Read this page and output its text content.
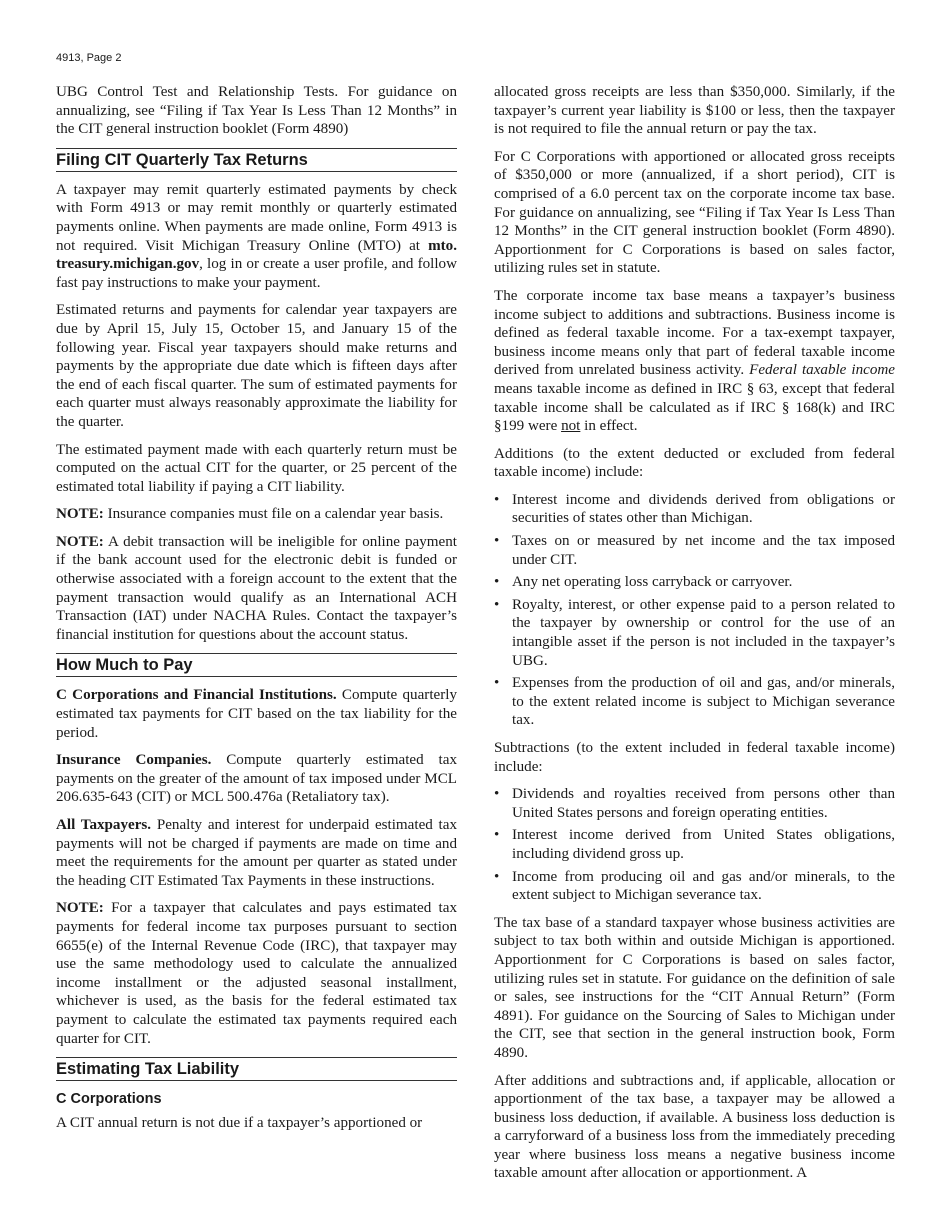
4913, Page 2

UBG Control Test and Relationship Tests. For guidance on annualizing, see “Filing if Tax Year Is Less Than 12 Months” in the CIT general instruction booklet (Form 4890)

Filing CIT Quarterly Tax Returns

A taxpayer may remit quarterly estimated payments by check with Form 4913 or may remit monthly or quarterly estimated payments online. When payments are made online, Form 4913 is not required. Visit Michigan Treasury Online (MTO) at mto. treasury.michigan.gov, log in or create a user profile, and follow fast pay instructions to make your payment.

Estimated returns and payments for calendar year taxpayers are due by April 15, July 15, October 15, and January 15 of the following year. Fiscal year taxpayers should make returns and payments by the appropriate due date which is fifteen days after the end of each fiscal quarter. The sum of estimated payments for each quarter must always reasonably approximate the liability for the quarter.

The estimated payment made with each quarterly return must be computed on the actual CIT for the quarter, or 25 percent of the estimated total liability if paying a CIT liability.

NOTE: Insurance companies must file on a calendar year basis.

NOTE: A debit transaction will be ineligible for online payment if the bank account used for the electronic debit is funded or otherwise associated with a foreign account to the extent that the payment transaction would qualify as an International ACH Transaction (IAT) under NACHA Rules. Contact the taxpayer’s financial institution for questions about the account status.

How Much to Pay

C Corporations and Financial Institutions. Compute quarterly estimated tax payments for CIT based on the tax liability for the period.

Insurance Companies. Compute quarterly estimated tax payments on the greater of the amount of tax imposed under MCL 206.635-643 (CIT) or MCL 500.476a (Retaliatory tax).

All Taxpayers. Penalty and interest for underpaid estimated tax payments will not be charged if payments are made on time and meet the requirements for the amount per quarter as stated under the heading CIT Estimated Tax Payments in these instructions.

NOTE: For a taxpayer that calculates and pays estimated tax payments for federal income tax purposes pursuant to section 6655(e) of the Internal Revenue Code (IRC), that taxpayer may use the same methodology used to calculate the annualized income installment or the adjusted seasonal installment, whichever is used, as the basis for the federal estimated tax payment to calculate the estimated tax payments required each quarter for CIT.

Estimating Tax Liability
C Corporations

A CIT annual return is not due if a taxpayer’s apportioned or

allocated gross receipts are less than $350,000. Similarly, if the taxpayer’s current year liability is $100 or less, then the taxpayer is not required to file the annual return or pay the tax.

For C Corporations with apportioned or allocated gross receipts of $350,000 or more (annualized, if a short period), CIT is comprised of a 6.0 percent tax on the corporate income tax base. For guidance on annualizing, see “Filing if Tax Year Is Less Than 12 Months” in the CIT general instruction booklet (Form 4890). Apportionment for C Corporations is based on sales factor, utilizing rules set in statute.

The corporate income tax base means a taxpayer’s business income subject to additions and subtractions. Business income is defined as federal taxable income. For a tax-exempt taxpayer, business income means only that part of federal taxable income derived from unrelated business activity. Federal taxable income means taxable income as defined in IRC § 63, except that federal taxable income shall be calculated as if IRC § 168(k) and IRC §199 were not in effect.

Additions (to the extent deducted or excluded from federal taxable income) include:

• Interest income and dividends derived from obligations or securities of states other than Michigan.
• Taxes on or measured by net income and the tax imposed under CIT.
• Any net operating loss carryback or carryover.
• Royalty, interest, or other expense paid to a person related to the taxpayer by ownership or control for the use of an intangible asset if the person is not included in the taxpayer’s UBG.
• Expenses from the production of oil and gas, and/or minerals, to the extent related income is subject to Michigan severance tax.

Subtractions (to the extent included in federal taxable income) include:

• Dividends and royalties received from persons other than United States persons and foreign operating entities.
• Interest income derived from United States obligations, including dividend gross up.
• Income from producing oil and gas and/or minerals, to the extent subject to Michigan severance tax.

The tax base of a standard taxpayer whose business activities are subject to tax both within and outside Michigan is apportioned. Apportionment for C Corporations is based on sales factor, utilizing rules set in statute. For guidance on the definition of sale or sales, see instructions for the “CIT Annual Return” (Form 4891). For guidance on the Sourcing of Sales to Michigan under the CIT, see that section in the general instruction book, Form 4890.

After additions and subtractions and, if applicable, allocation or apportionment of the tax base, a taxpayer may be allowed a business loss deduction, if available. A business loss deduction is a carryforward of a business loss from the immediately preceding year where business loss means a negative business income taxable amount after allocation or apportionment. A
